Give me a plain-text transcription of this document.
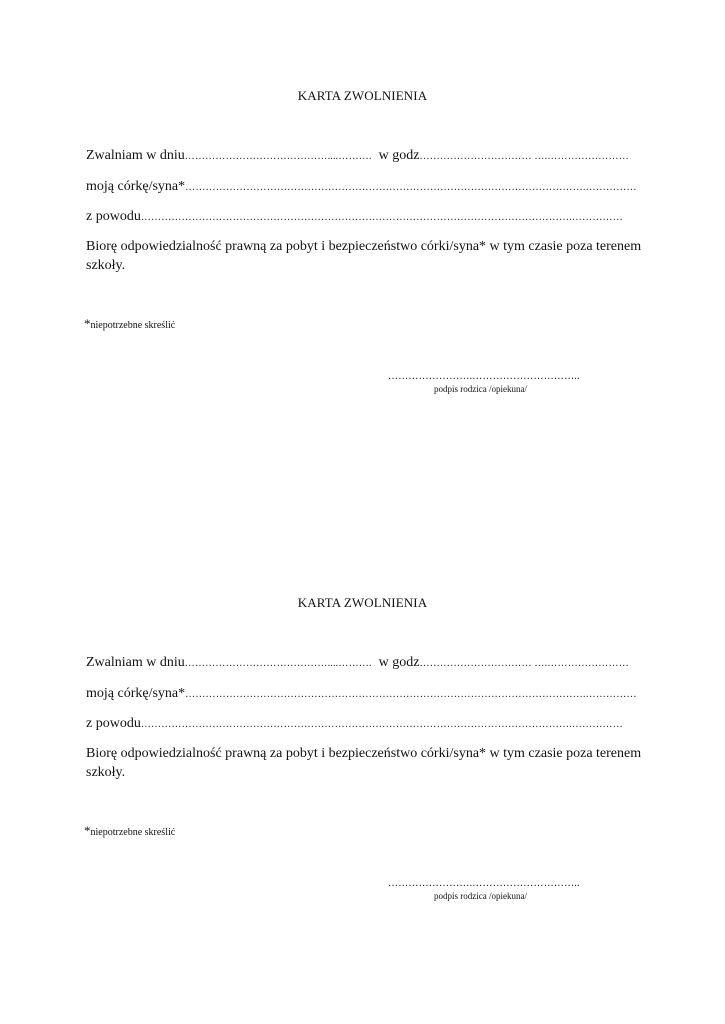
KARTA ZWOLNIENIA
Zwalniam w dniu……………………………………....………. w godz…………………………… ….……………………
moją córkę/syna*……………………………………………………………………………………………………….……………
z powodu……………………………………………………………………………………………………………….……………
Biorę odpowiedzialność prawną za pobyt i bezpieczeństwo córki/syna* w tym czasie poza terenem szkoły.
*niepotrzebne skreślić
…………………….…………………………..
podpis rodzica /opiekuna/
KARTA ZWOLNIENIA
Zwalniam w dniu……………………………………....………. w godz…………………………… ….……………………
moją córkę/syna*……………………………………………………………………………………………………….……………
z powodu……………………………………………………………………………………………………………….……………
Biorę odpowiedzialność prawną za pobyt i bezpieczeństwo córki/syna* w tym czasie poza terenem szkoły.
*niepotrzebne skreślić
…………………….…………………………..
podpis rodzica /opiekuna/
